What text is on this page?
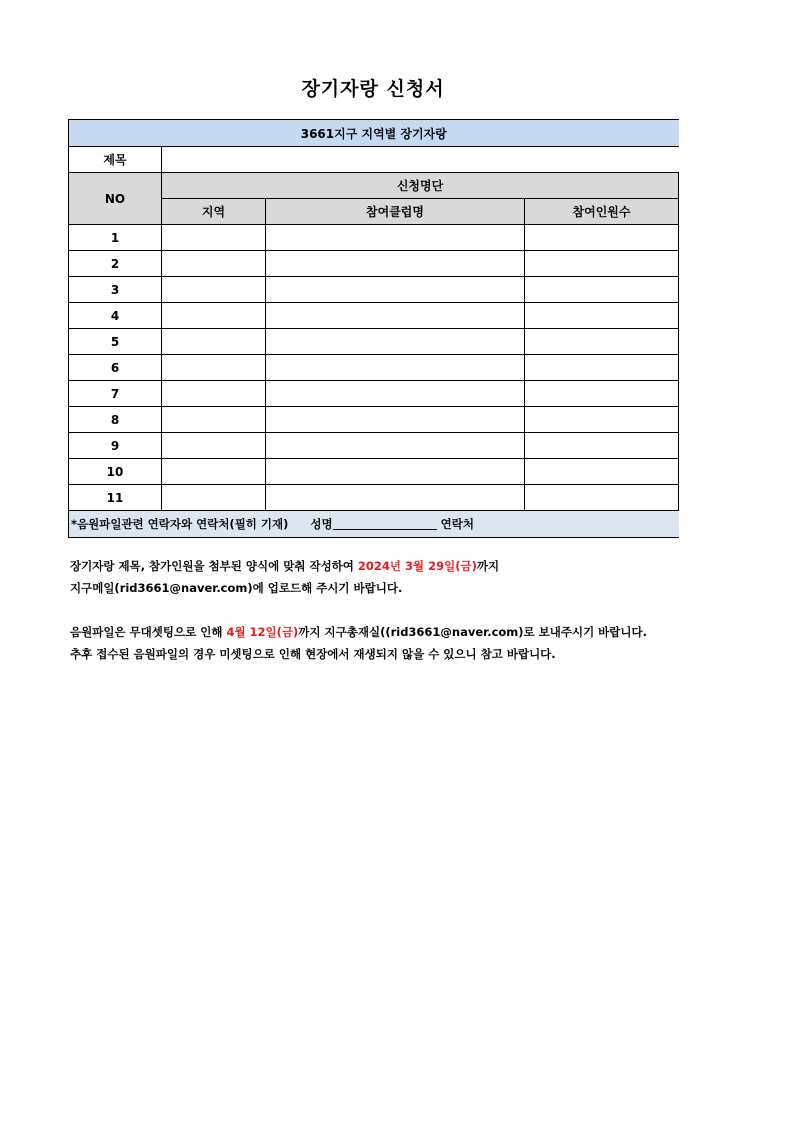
장기자랑 신청서
3661지구 지역별 장기자랑			
제목			
NO	신청명단		
	지역	참여클럽명	참여인원수
1			
2			
3			
4			
5			
6			
7			
8			
9			
10			
11			
*음원파일관련 연락자와 연락처(필히 기재) 성명 연락처			
장기자랑 제목, 참가인원을 첨부된 양식에 맞춰 작성하여 2024년 3월 29일(금)까지
지구메일(rid3661@naver.com)에 업로드해 주시기 바랍니다.
음원파일은 무대셋팅으로 인해 4월 12일(금)까지 지구총재실((rid3661@naver.com)로 보내주시기 바랍니다.
추후 접수된 음원파일의 경우 미셋팅으로 인해 현장에서 재생되지 않을 수 있으니 참고 바랍니다.
